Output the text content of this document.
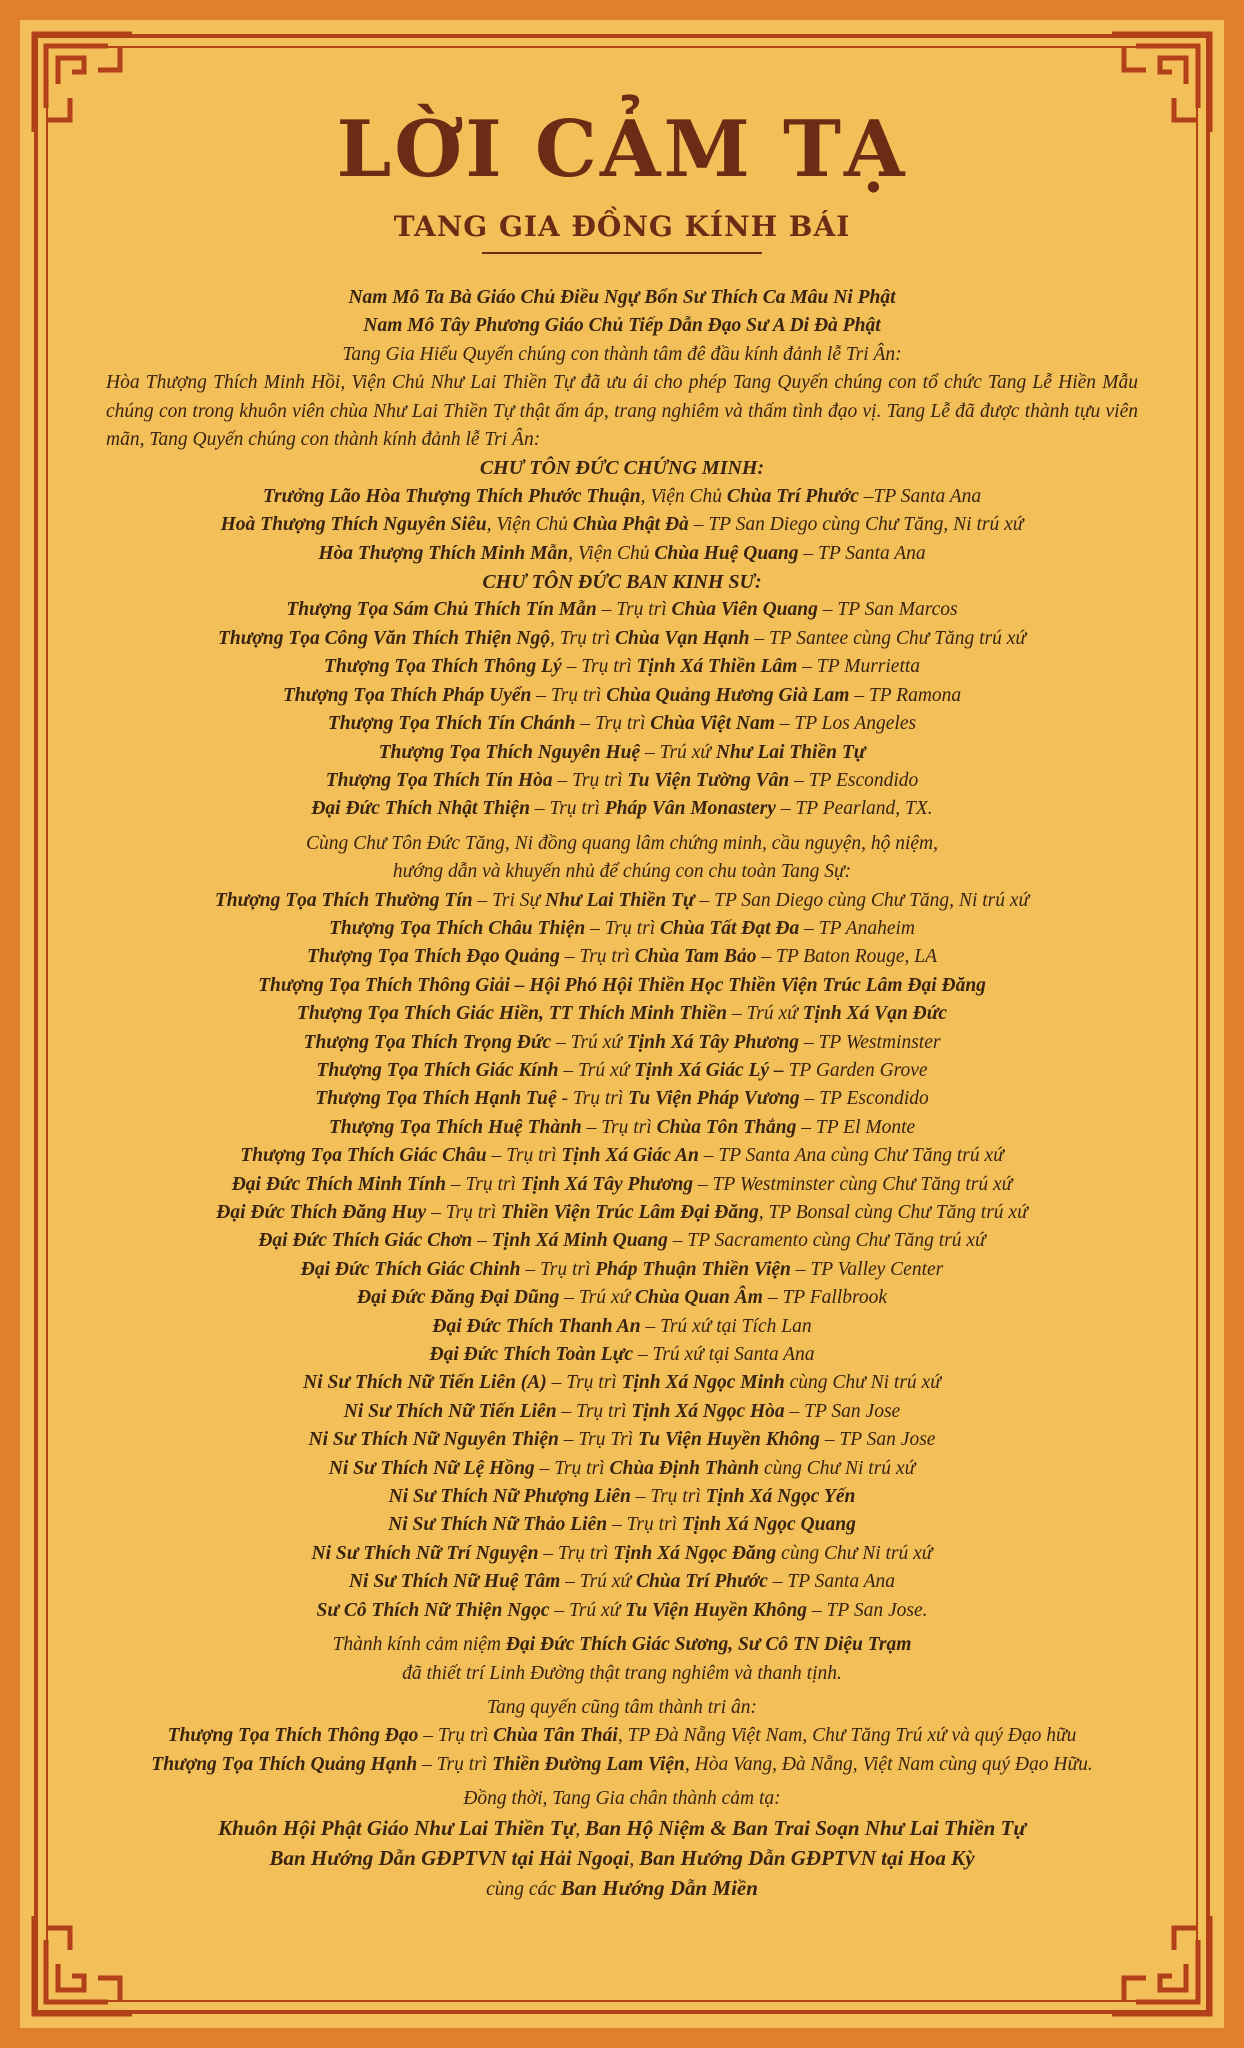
LỜI CẢM TẠ
TANG GIA ĐỒNG KÍNH BÁI

Nam Mô Ta Bà Giáo Chủ Điều Ngự Bổn Sư Thích Ca Mâu Ni Phật

Nam Mô Tây Phương Giáo Chủ Tiếp Dẫn Đạo Sư A Di Đà Phật

Tang Gia Hiếu Quyến chúng con thành tâm đê đầu kính đảnh lễ Tri Ân:

Hòa Thượng Thích Minh Hồi, Viện Chủ Như Lai Thiền Tự đã ưu ái cho phép Tang Quyến chúng con tổ chức Tang Lễ Hiền Mẫu chúng con trong khuôn viên chùa Như Lai Thiền Tự thật ấm áp, trang nghiêm và thấm tình đạo vị. Tang Lễ đã được thành tựu viên mãn, Tang Quyến chúng con thành kính đảnh lễ Tri Ân:

CHƯ TÔN ĐỨC CHỨNG MINH:

Trưởng Lão Hòa Thượng Thích Phước Thuận, Viện Chủ Chùa Trí Phước –TP Santa Ana

Hoà Thượng Thích Nguyên Siêu, Viện Chủ Chùa Phật Đà – TP San Diego cùng Chư Tăng, Ni trú xứ

Hòa Thượng Thích Minh Mẫn, Viện Chủ Chùa Huệ Quang – TP Santa Ana

CHƯ TÔN ĐỨC BAN KINH SƯ:

Thượng Tọa Sám Chủ Thích Tín Mẫn – Trụ trì Chùa Viên Quang – TP San Marcos

Thượng Tọa Công Văn Thích Thiện Ngộ, Trụ trì Chùa Vạn Hạnh – TP Santee cùng Chư Tăng trú xứ

Thượng Tọa Thích Thông Lý – Trụ trì Tịnh Xá Thiền Lâm – TP Murrietta

Thượng Tọa Thích Pháp Uyển – Trụ trì Chùa Quảng Hương Già Lam – TP Ramona

Thượng Tọa Thích Tín Chánh – Trụ trì Chùa Việt Nam – TP Los Angeles

Thượng Tọa Thích Nguyên Huệ – Trú xứ Như Lai Thiền Tự

Thượng Tọa Thích Tín Hòa – Trụ trì Tu Viện Tường Vân – TP Escondido

Đại Đức Thích Nhật Thiện – Trụ trì Pháp Vân Monastery – TP Pearland, TX.

Cùng Chư Tôn Đức Tăng, Ni đồng quang lâm chứng minh, cầu nguyện, hộ niệm,

hướng dẫn và khuyến nhủ để chúng con chu toàn Tang Sự:

Thượng Tọa Thích Thường Tín – Tri Sự Như Lai Thiền Tự – TP San Diego cùng Chư Tăng, Ni trú xứ

Thượng Tọa Thích Châu Thiện – Trụ trì Chùa Tất Đạt Đa – TP Anaheim

Thượng Tọa Thích Đạo Quảng – Trụ trì Chùa Tam Bảo – TP Baton Rouge, LA

Thượng Tọa Thích Thông Giải – Hội Phó Hội Thiền Học Thiền Viện Trúc Lâm Đại Đăng

Thượng Tọa Thích Giác Hiền, TT Thích Minh Thiền – Trú xứ Tịnh Xá Vạn Đức

Thượng Tọa Thích Trọng Đức – Trú xứ Tịnh Xá Tây Phương – TP Westminster

Thượng Tọa Thích Giác Kính – Trú xứ Tịnh Xá Giác Lý – TP Garden Grove

Thượng Tọa Thích Hạnh Tuệ - Trụ trì Tu Viện Pháp Vương – TP Escondido

Thượng Tọa Thích Huệ Thành – Trụ trì Chùa Tôn Thắng – TP El Monte

Thượng Tọa Thích Giác Châu – Trụ trì Tịnh Xá Giác An – TP Santa Ana cùng Chư Tăng trú xứ

Đại Đức Thích Minh Tính – Trụ trì Tịnh Xá Tây Phương – TP Westminster cùng Chư Tăng trú xứ

Đại Đức Thích Đăng Huy – Trụ trì Thiền Viện Trúc Lâm Đại Đăng, TP Bonsal cùng Chư Tăng trú xứ

Đại Đức Thích Giác Chơn – Tịnh Xá Minh Quang – TP Sacramento cùng Chư Tăng trú xứ

Đại Đức Thích Giác Chinh – Trụ trì Pháp Thuận Thiền Viện – TP Valley Center

Đại Đức Đăng Đại Dũng – Trú xứ Chùa Quan Âm – TP Fallbrook

Đại Đức Thích Thanh An – Trú xứ tại Tích Lan

Đại Đức Thích Toàn Lực – Trú xứ tại Santa Ana

Ni Sư Thích Nữ Tiến Liên (A) – Trụ trì Tịnh Xá Ngọc Minh cùng Chư Ni trú xứ

Ni Sư Thích Nữ Tiến Liên – Trụ trì Tịnh Xá Ngọc Hòa – TP San Jose

Ni Sư Thích Nữ Nguyên Thiện – Trụ Trì Tu Viện Huyền Không – TP San Jose

Ni Sư Thích Nữ Lệ Hồng – Trụ trì Chùa Định Thành cùng Chư Ni trú xứ

Ni Sư Thích Nữ Phượng Liên – Trụ trì Tịnh Xá Ngọc Yến

Ni Sư Thích Nữ Thảo Liên – Trụ trì Tịnh Xá Ngọc Quang

Ni Sư Thích Nữ Trí Nguyện – Trụ trì Tịnh Xá Ngọc Đăng cùng Chư Ni trú xứ

Ni Sư Thích Nữ Huệ Tâm – Trú xứ Chùa Trí Phước – TP Santa Ana

Sư Cô Thích Nữ Thiện Ngọc – Trú xứ Tu Viện Huyền Không – TP San Jose.

Thành kính cảm niệm Đại Đức Thích Giác Sương, Sư Cô TN Diệu Trạm

đã thiết trí Linh Đường thật trang nghiêm và thanh tịnh.

Tang quyến cũng tâm thành tri ân:

Thượng Tọa Thích Thông Đạo – Trụ trì Chùa Tân Thái, TP Đà Nẵng Việt Nam, Chư Tăng Trú xứ và quý Đạo hữu

Thượng Tọa Thích Quảng Hạnh – Trụ trì Thiền Đường Lam Viện, Hòa Vang, Đà Nẵng, Việt Nam cùng quý Đạo Hữu.

Đồng thời, Tang Gia chân thành cảm tạ:

Khuôn Hội Phật Giáo Như Lai Thiền Tự, Ban Hộ Niệm & Ban Trai Soạn Như Lai Thiền Tự

Ban Hướng Dẫn GĐPTVN tại Hải Ngoại, Ban Hướng Dẫn GĐPTVN tại Hoa Kỳ

cùng các Ban Hướng Dẫn Miền
